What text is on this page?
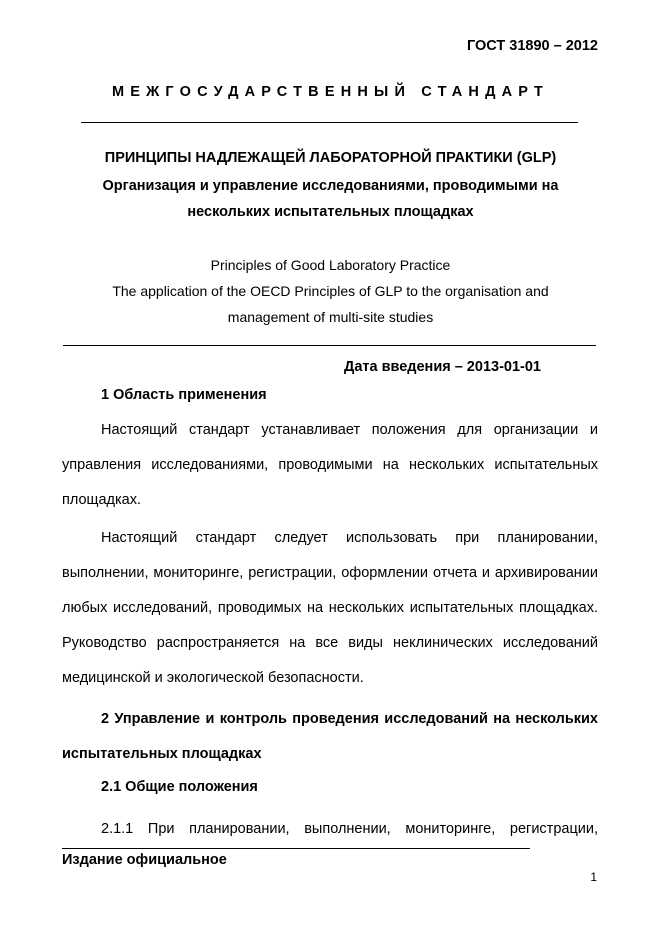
ГОСТ 31890 – 2012
МЕЖГОСУДАРСТВЕННЫЙ СТАНДАРТ
ПРИНЦИПЫ НАДЛЕЖАЩЕЙ ЛАБОРАТОРНОЙ ПРАКТИКИ (GLP)
Организация и управление исследованиями, проводимыми на
нескольких испытательных площадках
Principles of Good Laboratory Practice
The application of the OECD Principles of GLP to the organisation and
management of multi-site studies
Дата введения – 2013-01-01
1 Область применения

Настоящий стандарт устанавливает положения для организации и управления исследованиями, проводимыми на нескольких испытательных площадках.

Настоящий стандарт следует использовать при планировании, выполнении, мониторинге, регистрации, оформлении отчета и архивировании любых исследований, проводимых на нескольких испытательных площадках. Руководство распространяется на все виды неклинических исследований медицинской и экологической безопасности.

2 Управление и контроль проведения исследований на нескольких испытательных площадках

2.1 Общие положения

2.1.1 При планировании, выполнении, мониторинге, регистрации,

Издание официальное
1
